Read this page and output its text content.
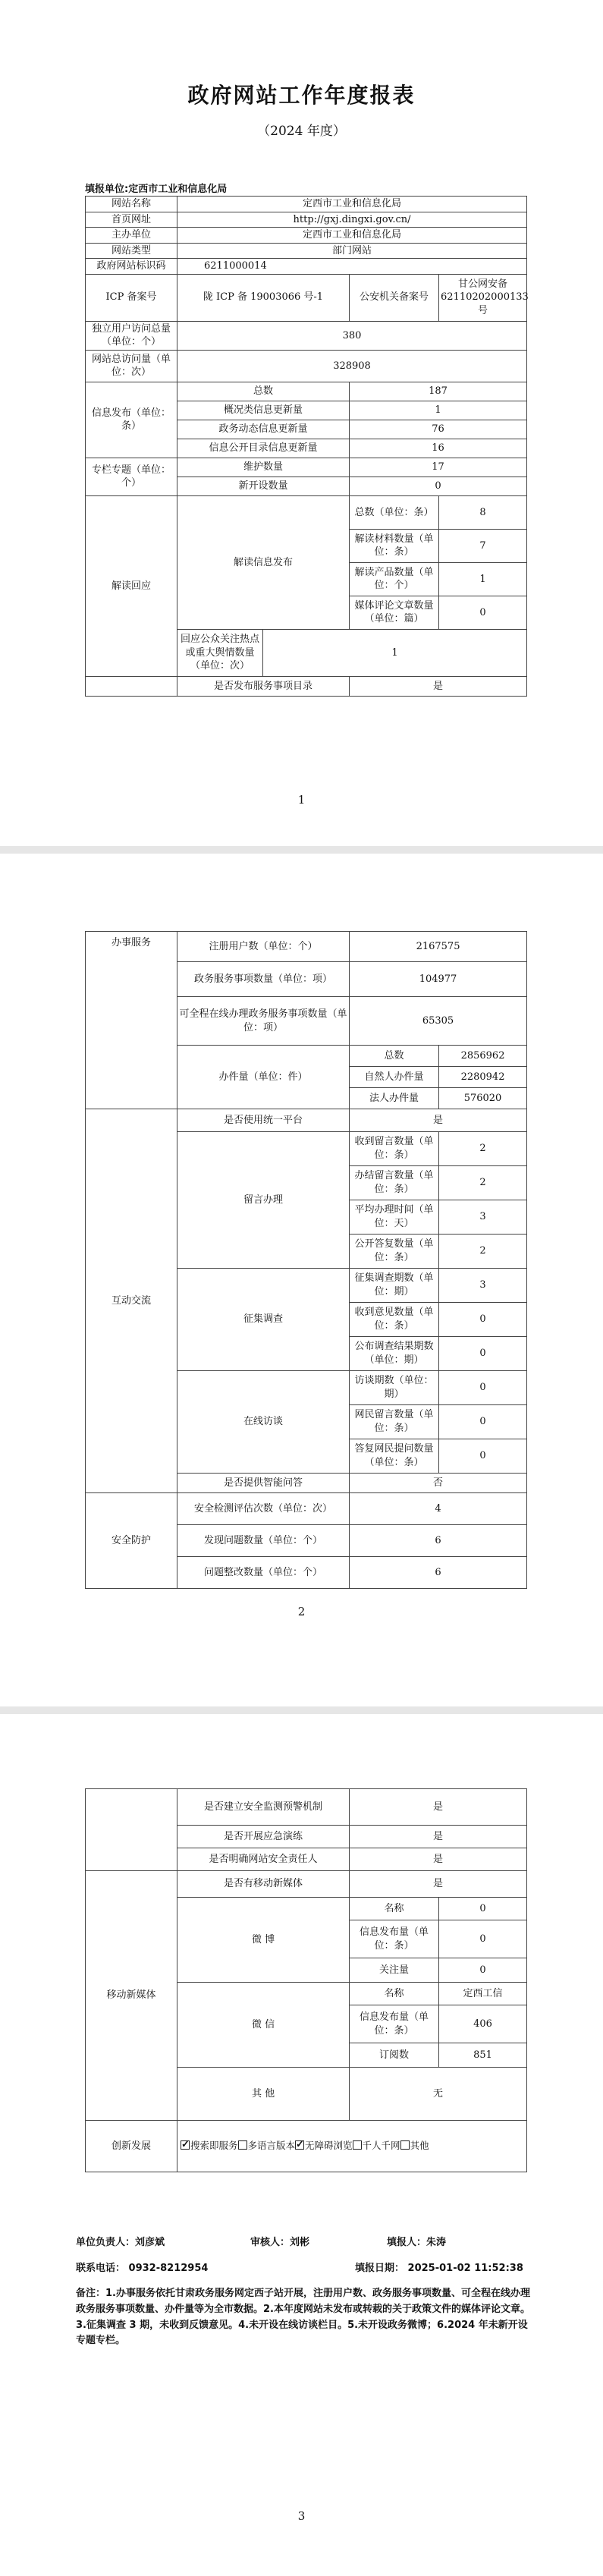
政府网站工作年度报表
（2024 年度）
填报单位:定西市工业和信息化局
网站名称	定西市工业和信息化局			
首页网址	http://gxj.dingxi.gov.cn/			
主办单位	定西市工业和信息化局			
网站类型	部门网站			
政府网站标识码	6211000014			
ICP 备案号	陇 ICP 备 19003066 号-1		公安机关备案号	甘公网安备62110202000133 号
独立用户访问总量（单位：个）	380			
网站总访问量（单位：次）	328908			
信息发布（单位：条）	总数		187	
	概况类信息更新量		1	
	政务动态信息更新量		76	
	信息公开目录信息更新量		16	
专栏专题（单位：个）	维护数量		17	
	新开设数量		0	
解读回应	解读信息发布		总数（单位：条）	8
			解读材料数量（单位：条）	7
			解读产品数量（单位：个）	1
			媒体评论文章数量（单位：篇）	0
	回应公众关注热点或重大舆情数量（单位：次）	1		
	是否发布服务事项目录		是	
1
办事服务	注册用户数（单位：个）	2167575	
	政务服务事项数量（单位：项）	104977	
	可全程在线办理政务服务事项数量（单位：项）	65305	
	办件量（单位：件）	总数	2856962
		自然人办件量	2280942
		法人办件量	576020
互动交流	是否使用统一平台	是	
	留言办理	收到留言数量（单位：条）	2
		办结留言数量（单位：条）	2
		平均办理时间（单位：天）	3
		公开答复数量（单位：条）	2
	征集调查	征集调查期数（单位：期）	3
		收到意见数量（单位：条）	0
		公布调查结果期数（单位：期）	0
	在线访谈	访谈期数（单位：期）	0
		网民留言数量（单位：条）	0
		答复网民提问数量（单位：条）	0
	是否提供智能问答	否	
安全防护	安全检测评估次数（单位：次）	4	
	发现问题数量（单位：个）	6	
	问题整改数量（单位：个）	6	
2
	是否建立安全监测预警机制	是	
	是否开展应急演练	是	
	是否明确网站安全责任人	是	
移动新媒体	是否有移动新媒体	是	
	微 博	名称	0
		信息发布量（单位：条）	0
		关注量	0
	微 信	名称	定西工信
		信息发布量（单位：条）	406
		订阅数	851
	其 他	无	
创新发展	✓搜索即服务 多语言版本 ✓ 无障碍浏览 千人千网 其他
单位负责人：刘彦斌	审核人：刘彬	填报人：朱涛
联系电话： 0932-8212954	填报日期： 2025-01-02 11:52:38
备注：1.办事服务依托甘肃政务服务网定西子站开展，注册用户数、政务服务事项数量、可全程在线办理政务服务事项数量、办件量等为全市数据。2.本年度网站未发布或转载的关于政策文件的媒体评论文章。3.征集调查 3 期，未收到反馈意见。4.未开设在线访谈栏目。5.未开设政务微博；6.2024 年未新开设专题专栏。
3
